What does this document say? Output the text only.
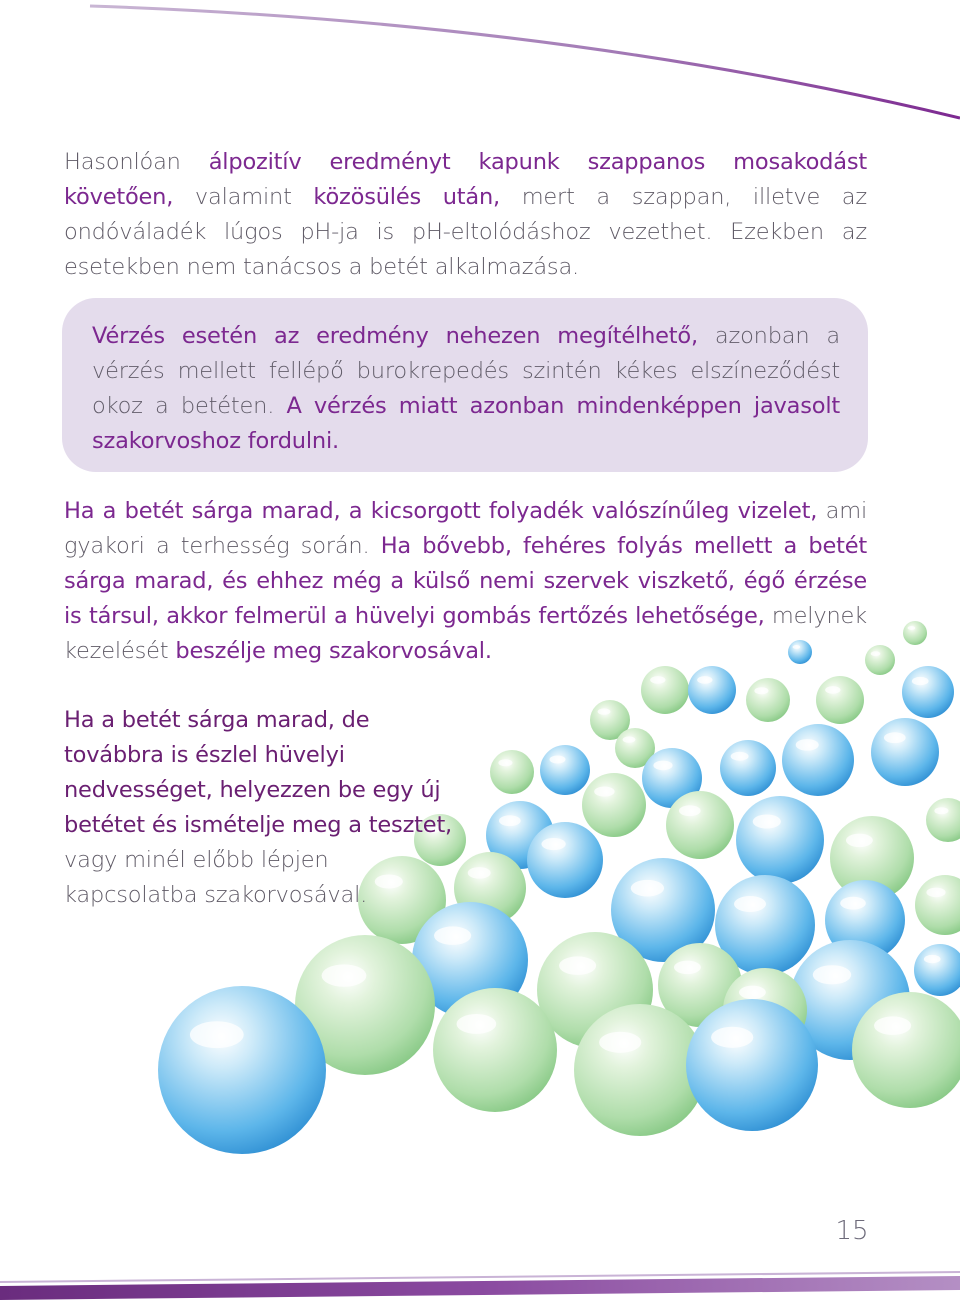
Hasonlóan álpozitív eredményt kapunk szappanos mosakodást követően, valamint közösülés után, mert a szappan, illetve az ondóváladék lúgos pH-ja is pH-eltolódáshoz vezethet. Ezekben az esetekben nem tanácsos a betét alkalmazása.

Vérzés esetén az eredmény nehezen megítélhető, azonban a vérzés mellett fellépő burokrepedés szintén kékes elszíneződést okoz a betéten. A vérzés miatt azonban mindenképpen javasolt szakorvoshoz fordulni.

Ha a betét sárga marad, a kicsorgott folyadék valószínűleg vizelet, ami gyakori a terhesség során. Ha bővebb, fehéres folyás mellett a betét sárga marad, és ehhez még a külső nemi szervek viszkető, égő érzése is társul, akkor felmerül a hüvelyi gombás fertőzés lehetősége, melynek kezelését beszélje meg szakorvosával.

Ha a betét sárga marad, de továbbra is észlel hüvelyi nedvességet, helyezzen be egy új betétet és ismételje meg a tesztet, vagy minél előbb lépjen kapcsolatba szakorvosával.

15
